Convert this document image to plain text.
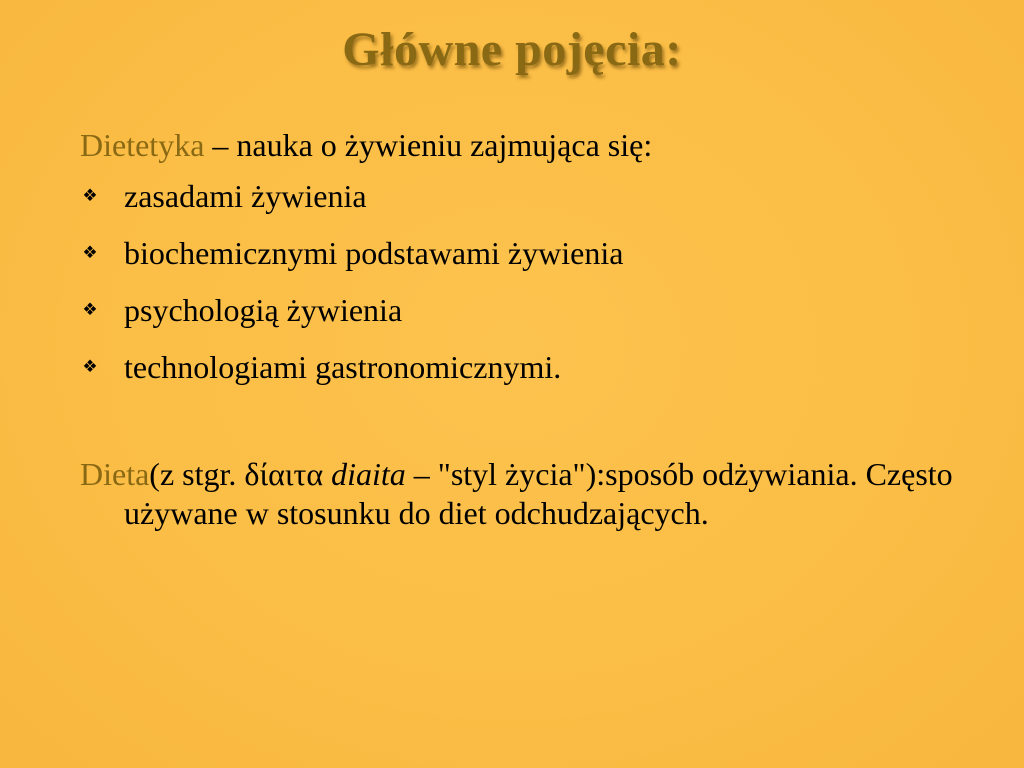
Główne pojęcia:

Dietetyka – nauka o żywieniu zajmująca się:

❖ zasadami żywienia
❖ biochemicznymi podstawami żywienia
❖ psychologią żywienia
❖ technologiami gastronomicznymi.

Dieta(z stgr. δίαιτα diaita – "styl życia"):sposób odżywiania. Często używane w stosunku do diet odchudzających.
